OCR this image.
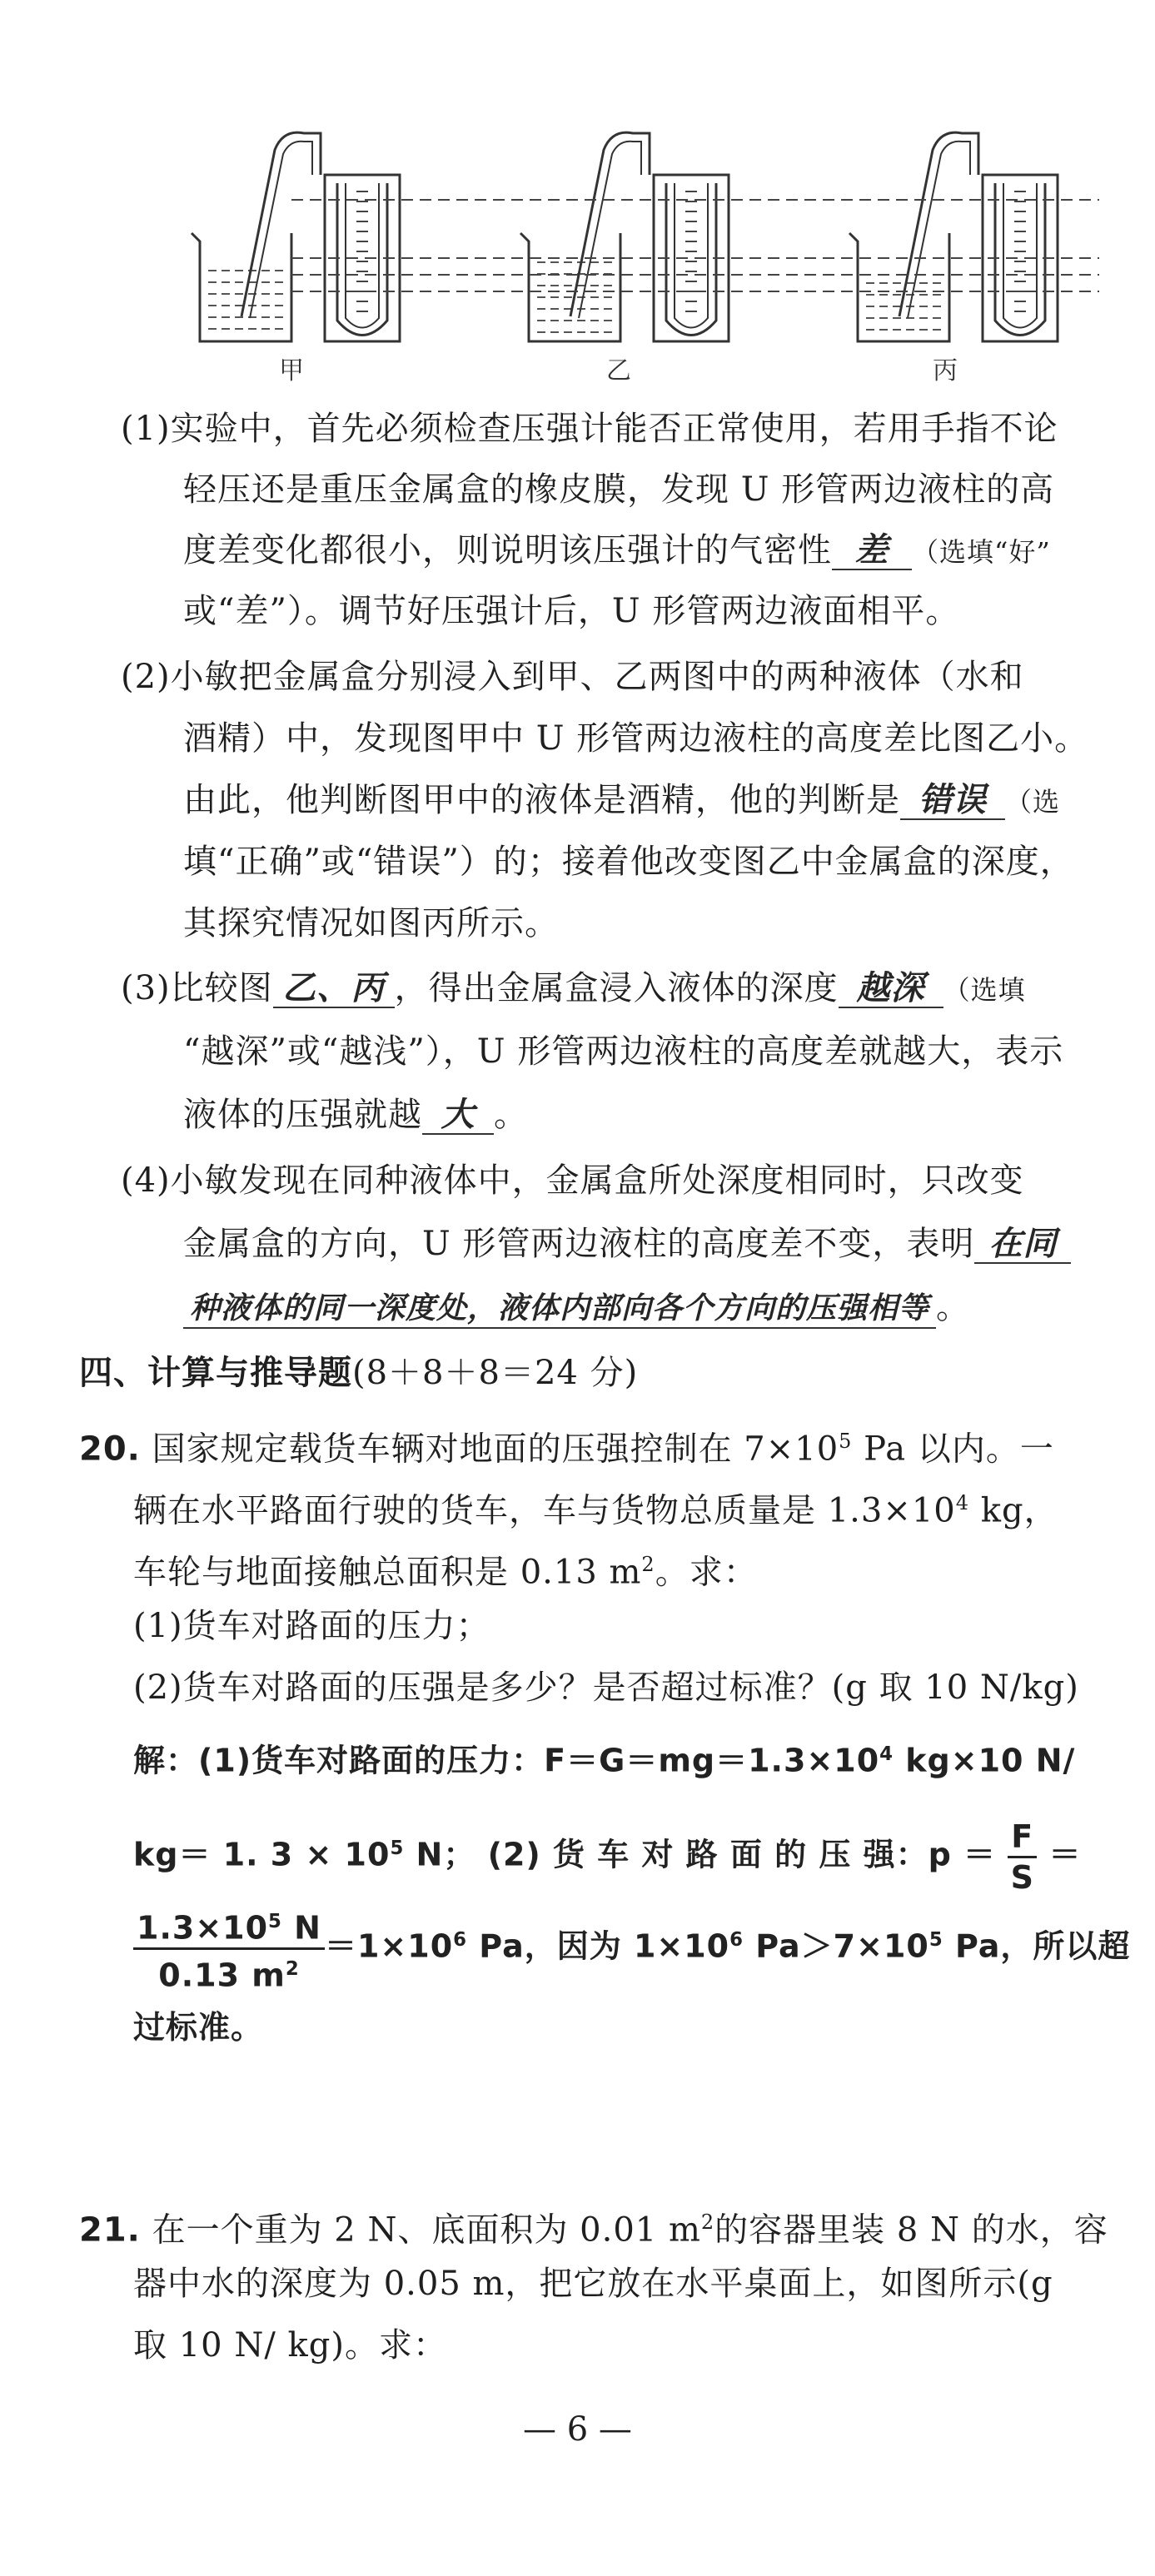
甲	乙	丙
(1)实验中，首先必须检查压强计能否正常使用，若用手指不论
轻压还是重压金属盒的橡皮膜，发现 U 形管两边液柱的高
度差变化都很小，则说明该压强计的气密性 差 （选填“好”
或“差”）。调节好压强计后，U 形管两边液面相平。
(2)小敏把金属盒分别浸入到甲、乙两图中的两种液体（水和
酒精）中，发现图甲中 U 形管两边液柱的高度差比图乙小。
由此，他判断图甲中的液体是酒精，他的判断是 错误 （选
填“正确”或“错误”）的；接着他改变图乙中金属盒的深度，
其探究情况如图丙所示。
(3)比较图 乙、丙 ，得出金属盒浸入液体的深度 越深 （选填
“越深”或“越浅”），U 形管两边液柱的高度差就越大，表示
液体的压强就越 大 。
(4)小敏发现在同种液体中，金属盒所处深度相同时，只改变
金属盒的方向，U 形管两边液柱的高度差不变，表明 在同
种液体的同一深度处，液体内部向各个方向的压强相等 。
四、计算与推导题(8＋8＋8＝24 分)
20. 国家规定载货车辆对地面的压强控制在 $7\times 10^5$ Pa 以内。一
辆在水平路面行驶的货车，车与货物总质量是 $1.3\times 10^4$ kg，
车轮与地面接触总面积是 0.13 $m^2$。求：
(1)货车对路面的压力；
(2)货车对路面的压强是多少？是否超过标准？(g 取 10 N/kg)
解：(1)货车对路面的压力：$F=G=mg=1.3\times 10^4$ kg×10 N/
kg＝ 1. $3 \times 10^5$ N； (2) 货 车 对 路 面 的 压 强：$p = \frac{F}{S}$ ＝
$\frac{1.3\times 10^5 N}{0.13 m^2} =1\times 10^6$ Pa，因为 $1\times 10^6$ $Pa>7\times 10^5$ Pa，所以超
过标准。
21. 在一个重为 2 N、底面积为 0.01 $m^2$的容器里装 8 N 的水，容
器中水的深度为 0.05 m，把它放在水平桌面上，如图所示(g
取 10 N/ kg)。求：
— 6 —
